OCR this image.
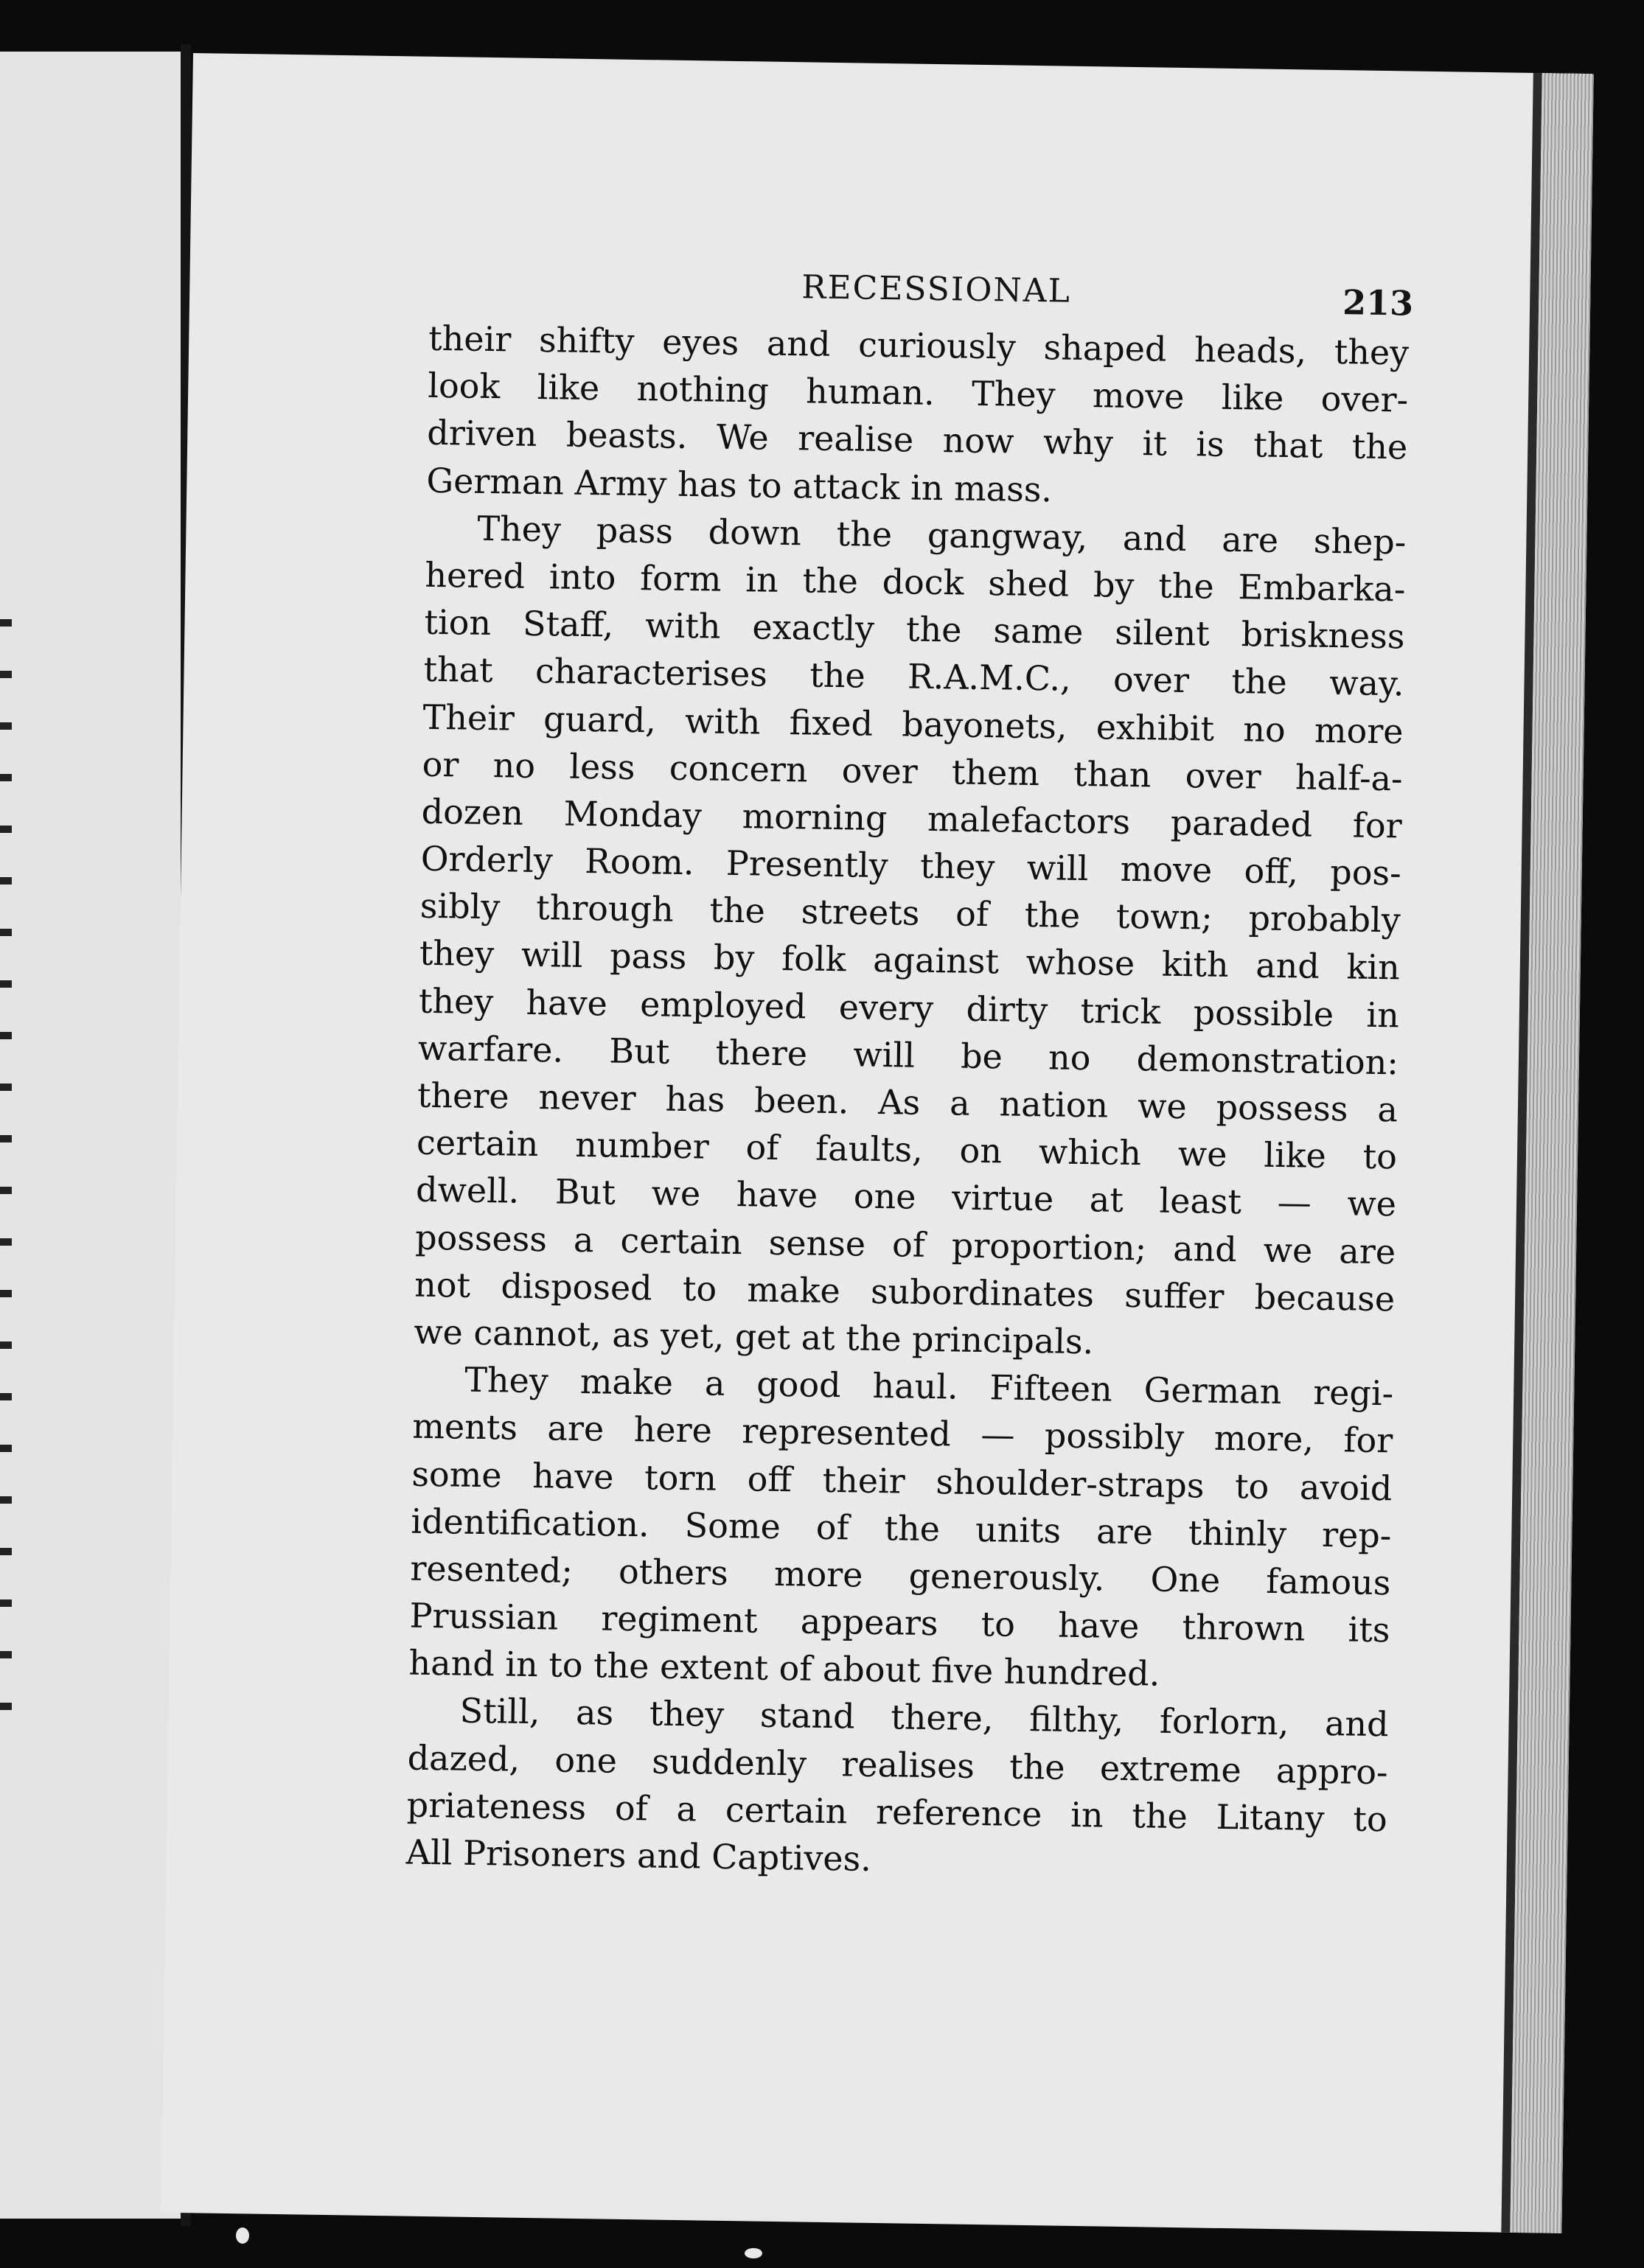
RECESSIONAL	213
their shifty eyes and curiously shaped heads, they
look like nothing human. They move like over-
driven beasts. We realise now why it is that the
German Army has to attack in mass.
They pass down the gangway, and are shep-
hered into form in the dock shed by the Embarka-
tion Staff, with exactly the same silent briskness
that characterises the R.A.M.C., over the way.
Their guard, with fixed bayonets, exhibit no more
or no less concern over them than over half-a-
dozen Monday morning malefactors paraded for
Orderly Room. Presently they will move off, pos-
sibly through the streets of the town; probably
they will pass by folk against whose kith and kin
they have employed every dirty trick possible in
warfare. But there will be no demonstration:
there never has been. As a nation we possess a
certain number of faults, on which we like to
dwell. But we have one virtue at least — we
possess a certain sense of proportion; and we are
not disposed to make subordinates suffer because
we cannot, as yet, get at the principals.
They make a good haul. Fifteen German regi-
ments are here represented — possibly more, for
some have torn off their shoulder-straps to avoid
identification. Some of the units are thinly rep-
resented; others more generously. One famous
Prussian regiment appears to have thrown its
hand in to the extent of about five hundred.
Still, as they stand there, filthy, forlorn, and
dazed, one suddenly realises the extreme appro-
priateness of a certain reference in the Litany to
All Prisoners and Captives.
